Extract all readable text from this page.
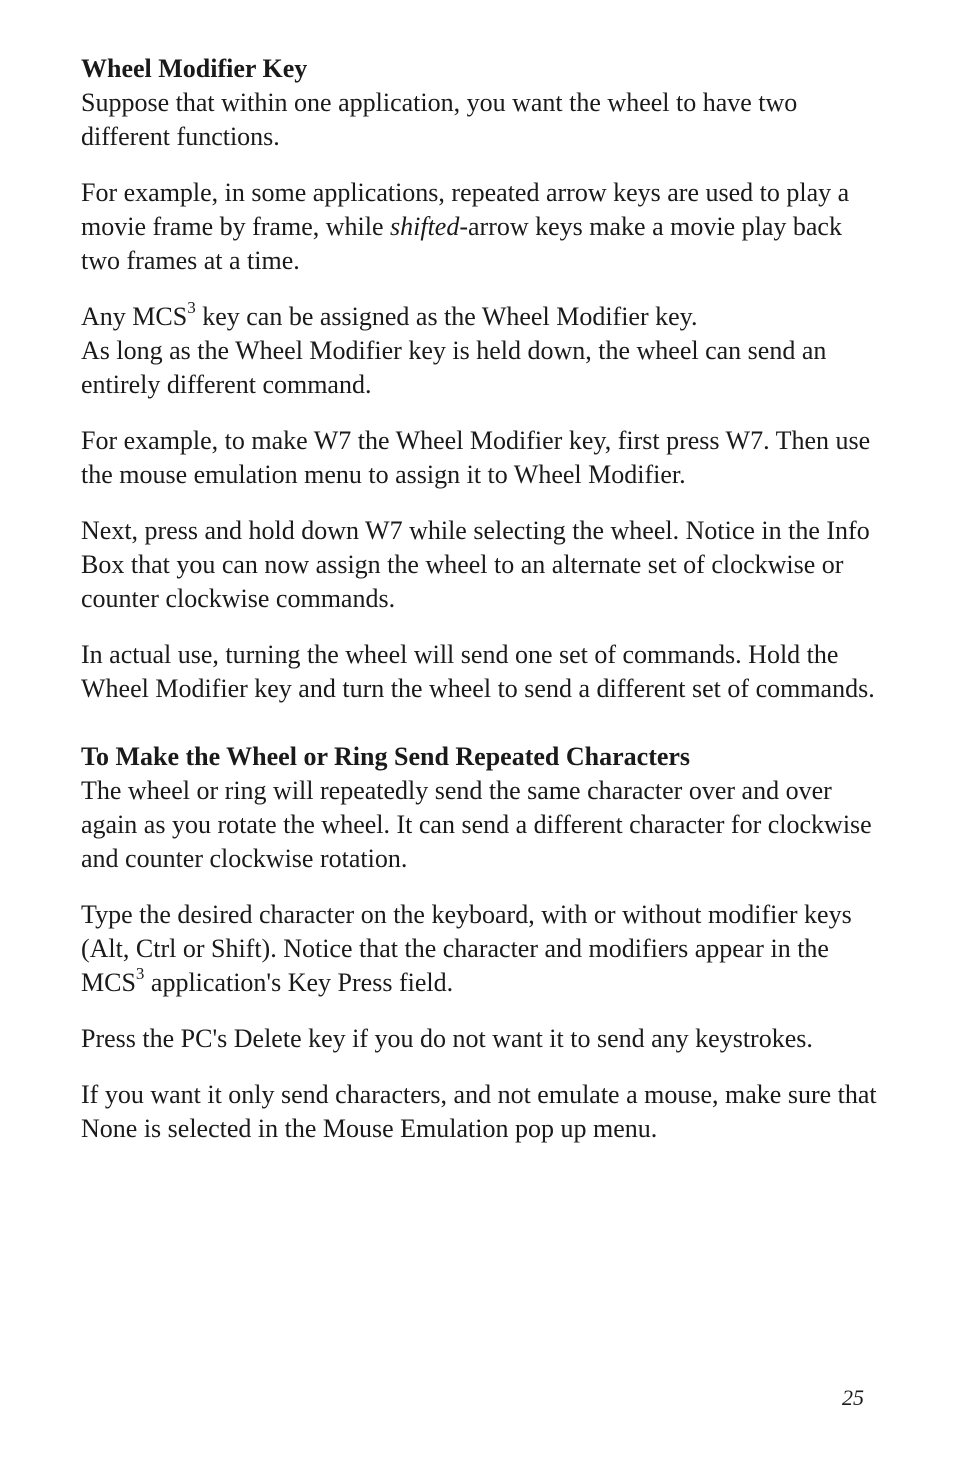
Wheel Modifier Key

Suppose that within one application, you want the wheel to have two different functions.

For example, in some applications, repeated arrow keys are used to play a movie frame by frame, while shifted-arrow keys make a movie play back two frames at a time.

Any MCS$^3$ key can be assigned as the Wheel Modifier key.
As long as the Wheel Modifier key is held down, the wheel can send an entirely different command.

For example, to make W7 the Wheel Modifier key, first press W7. Then use the mouse emulation menu to assign it to Wheel Modifier.

Next, press and hold down W7 while selecting the wheel. Notice in the Info Box that you can now assign the wheel to an alternate set of clockwise or counter clockwise commands.

In actual use, turning the wheel will send one set of commands. Hold the Wheel Modifier key and turn the wheel to send a different set of commands.

To Make the Wheel or Ring Send Repeated Characters

The wheel or ring will repeatedly send the same character over and over again as you rotate the wheel. It can send a different character for clockwise and counter clockwise rotation.

Type the desired character on the keyboard, with or without modifier keys (Alt, Ctrl or Shift). Notice that the character and modifiers appear in the MCS$^3$ application's Key Press field.

Press the PC's Delete key if you do not want it to send any keystrokes.

If you want it only send characters, and not emulate a mouse, make sure that None is selected in the Mouse Emulation pop up menu.

25
